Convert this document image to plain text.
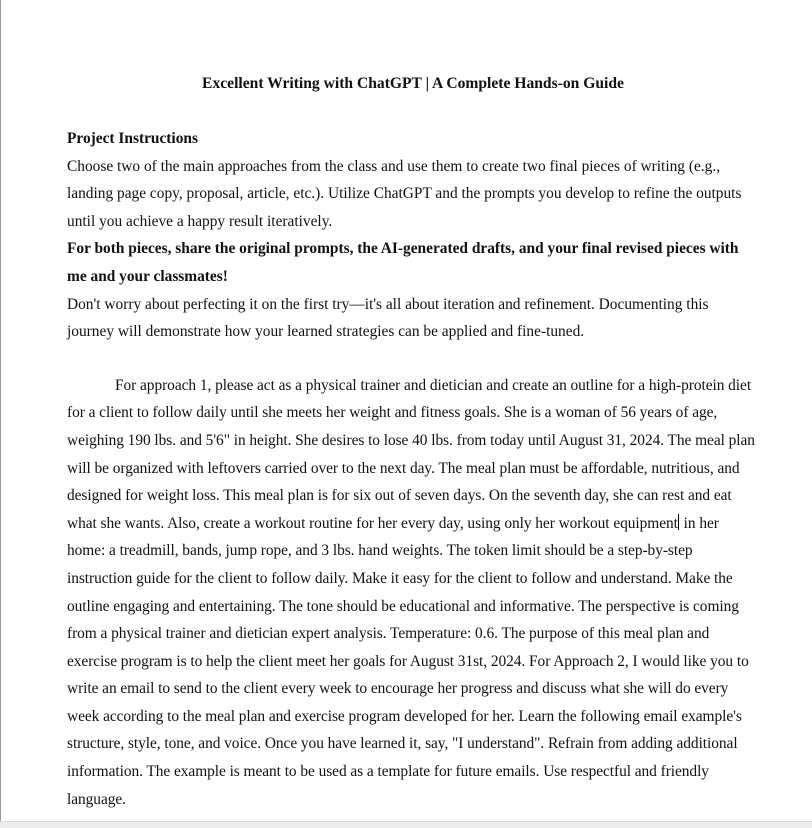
Excellent Writing with ChatGPT | A Complete Hands-on Guide
Project Instructions

Choose two of the main approaches from the class and use them to create two final pieces of writing (e.g., landing page copy, proposal, article, etc.). Utilize ChatGPT and the prompts you develop to refine the outputs until you achieve a happy result iteratively.

For both pieces, share the original prompts, the AI-generated drafts, and your final revised pieces with me and your classmates!

Don't worry about perfecting it on the first try—it's all about iteration and refinement. Documenting this journey will demonstrate how your learned strategies can be applied and fine-tuned.

For approach 1, please act as a physical trainer and dietician and create an outline for a high-protein diet for a client to follow daily until she meets her weight and fitness goals. She is a woman of 56 years of age, weighing 190 lbs. and 5'6" in height. She desires to lose 40 lbs. from today until August 31, 2024. The meal plan will be organized with leftovers carried over to the next day. The meal plan must be affordable, nutritious, and designed for weight loss. This meal plan is for six out of seven days. On the seventh day, she can rest and eat what she wants. Also, create a workout routine for her every day, using only her workout equipment in her home: a treadmill, bands, jump rope, and 3 lbs. hand weights. The token limit should be a step-by-step instruction guide for the client to follow daily. Make it easy for the client to follow and understand. Make the outline engaging and entertaining. The tone should be educational and informative. The perspective is coming from a physical trainer and dietician expert analysis. Temperature: 0.6. The purpose of this meal plan and exercise program is to help the client meet her goals for August 31st, 2024. For Approach 2, I would like you to write an email to send to the client every week to encourage her progress and discuss what she will do every week according to the meal plan and exercise program developed for her. Learn the following email example's structure, style, tone, and voice. Once you have learned it, say, "I understand". Refrain from adding additional information. The example is meant to be used as a template for future emails. Use respectful and friendly language.
